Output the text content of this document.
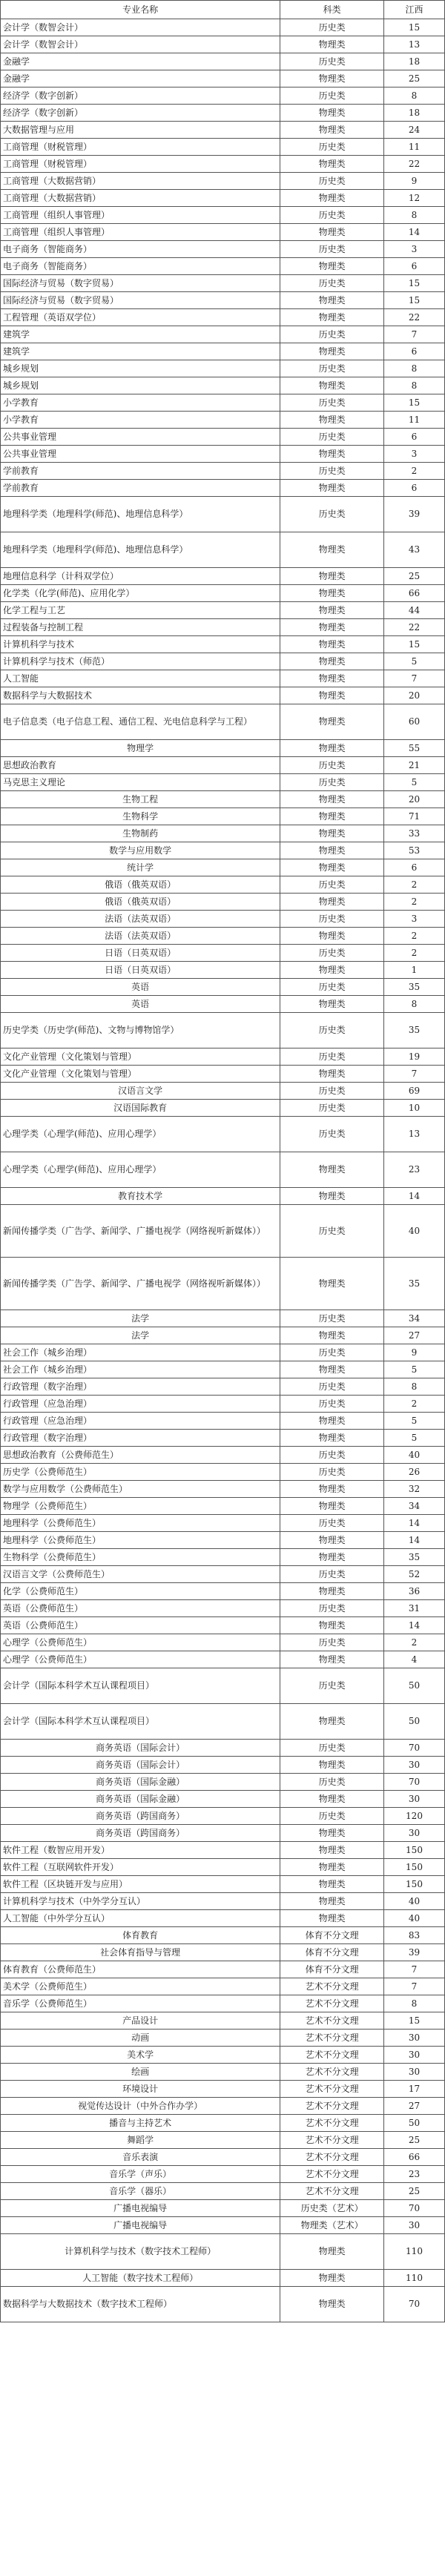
专业名称	科类	江西
会计学（数智会计）	历史类	15
会计学（数智会计）	物理类	13
金融学	历史类	18
金融学	物理类	25
经济学（数字创新）	历史类	8
经济学（数字创新）	物理类	18
大数据管理与应用	物理类	24
工商管理（财税管理）	历史类	11
工商管理（财税管理）	物理类	22
工商管理（大数据营销）	历史类	9
工商管理（大数据营销）	物理类	12
工商管理（组织人事管理）	历史类	8
工商管理（组织人事管理）	物理类	14
电子商务（智能商务）	历史类	3
电子商务（智能商务）	物理类	6
国际经济与贸易（数字贸易）	历史类	15
国际经济与贸易（数字贸易）	物理类	15
工程管理（英语双学位）	物理类	22
建筑学	历史类	7
建筑学	物理类	6
城乡规划	历史类	8
城乡规划	物理类	8
小学教育	历史类	15
小学教育	物理类	11
公共事业管理	历史类	6
公共事业管理	物理类	3
学前教育	历史类	2
学前教育	物理类	6
地理科学类（地理科学(师范)、地理信息科学）	历史类	39
地理科学类（地理科学(师范)、地理信息科学）	物理类	43
地理信息科学（计科双学位）	物理类	25
化学类（化学(师范)、应用化学）	物理类	66
化学工程与工艺	物理类	44
过程装备与控制工程	物理类	22
计算机科学与技术	物理类	15
计算机科学与技术（师范）	物理类	5
人工智能	物理类	7
数据科学与大数据技术	物理类	20
电子信息类（电子信息工程、通信工程、光电信息科学与工程）	物理类	60
物理学	物理类	55
思想政治教育	历史类	21
马克思主义理论	历史类	5
生物工程	物理类	20
生物科学	物理类	71
生物制药	物理类	33
数学与应用数学	物理类	53
统计学	物理类	6
俄语（俄英双语）	历史类	2
俄语（俄英双语）	物理类	2
法语（法英双语）	历史类	3
法语（法英双语）	物理类	2
日语（日英双语）	历史类	2
日语（日英双语）	物理类	1
英语	历史类	35
英语	物理类	8
历史学类（历史学(师范)、文物与博物馆学）	历史类	35
文化产业管理（文化策划与管理）	历史类	19
文化产业管理（文化策划与管理）	物理类	7
汉语言文学	历史类	69
汉语国际教育	历史类	10
心理学类（心理学(师范)、应用心理学）	历史类	13
心理学类（心理学(师范)、应用心理学）	物理类	23
教育技术学	物理类	14
新闻传播学类（广告学、新闻学、广播电视学（网络视听新媒体））	历史类	40
新闻传播学类（广告学、新闻学、广播电视学（网络视听新媒体））	物理类	35
法学	历史类	34
法学	物理类	27
社会工作（城乡治理）	历史类	9
社会工作（城乡治理）	物理类	5
行政管理（数字治理）	历史类	8
行政管理（应急治理）	历史类	2
行政管理（应急治理）	物理类	5
行政管理（数字治理）	物理类	5
思想政治教育（公费师范生）	历史类	40
历史学（公费师范生）	历史类	26
数学与应用数学（公费师范生）	物理类	32
物理学（公费师范生）	物理类	34
地理科学（公费师范生）	历史类	14
地理科学（公费师范生）	物理类	14
生物科学（公费师范生）	物理类	35
汉语言文学（公费师范生）	历史类	52
化学（公费师范生）	物理类	36
英语（公费师范生）	历史类	31
英语（公费师范生）	物理类	14
心理学（公费师范生）	历史类	2
心理学（公费师范生）	物理类	4
会计学（国际本科学术互认课程项目）	历史类	50
会计学（国际本科学术互认课程项目）	物理类	50
商务英语（国际会计）	历史类	70
商务英语（国际会计）	物理类	30
商务英语（国际金融）	历史类	70
商务英语（国际金融）	物理类	30
商务英语（跨国商务）	历史类	120
商务英语（跨国商务）	物理类	30
软件工程（数智应用开发）	物理类	150
软件工程（互联网软件开发）	物理类	150
软件工程（区块链开发与应用）	物理类	150
计算机科学与技术（中外学分互认）	物理类	40
人工智能（中外学分互认）	物理类	40
体育教育	体育不分文理	83
社会体育指导与管理	体育不分文理	39
体育教育（公费师范生）	体育不分文理	7
美术学（公费师范生）	艺术不分文理	7
音乐学（公费师范生）	艺术不分文理	8
产品设计	艺术不分文理	15
动画	艺术不分文理	30
美术学	艺术不分文理	30
绘画	艺术不分文理	30
环境设计	艺术不分文理	17
视觉传达设计（中外合作办学）	艺术不分文理	27
播音与主持艺术	艺术不分文理	50
舞蹈学	艺术不分文理	25
音乐表演	艺术不分文理	66
音乐学（声乐）	艺术不分文理	23
音乐学（器乐）	艺术不分文理	25
广播电视编导	历史类（艺术）	70
广播电视编导	物理类（艺术）	30
计算机科学与技术（数字技术工程师）	物理类	110
人工智能（数字技术工程师）	物理类	110
数据科学与大数据技术（数字技术工程师）	物理类	70
